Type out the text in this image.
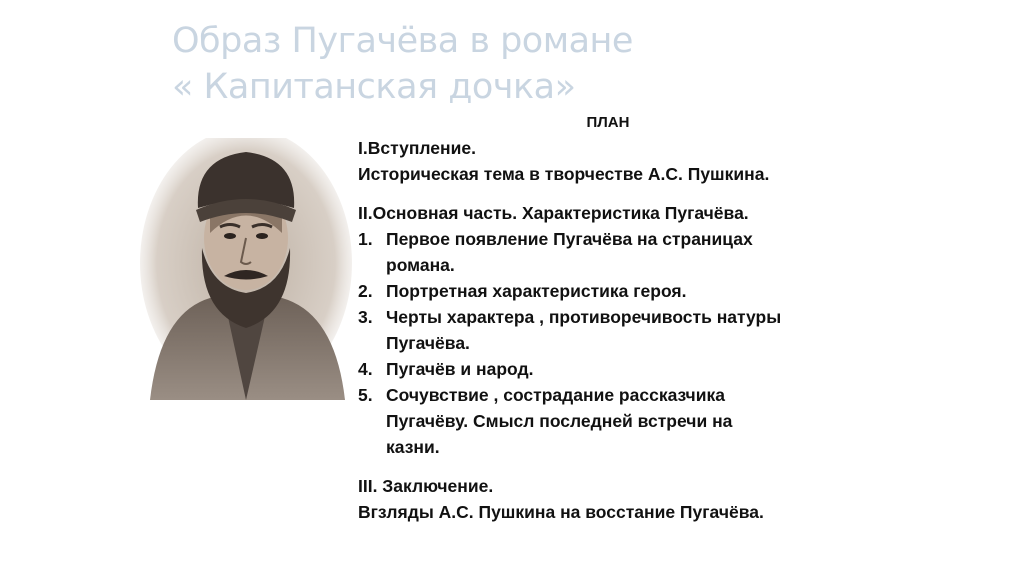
Образ Пугачёва в романе
« Капитанская дочка»
ПЛАН
I.Вступление.
Историческая тема в творчестве А.С. Пушкина.
II.Основная часть. Характеристика Пугачёва.
1. Первое появление Пугачёва на страницах
романа.
2. Портретная характеристика героя.
3. Черты характера , противоречивость натуры
Пугачёва.
4. Пугачёв и народ.
5. Сочувствие , сострадание рассказчика
Пугачёву. Смысл последней встречи на
казни.
III. Заключение.
Вгзляды А.С. Пушкина на восстание Пугачёва.
